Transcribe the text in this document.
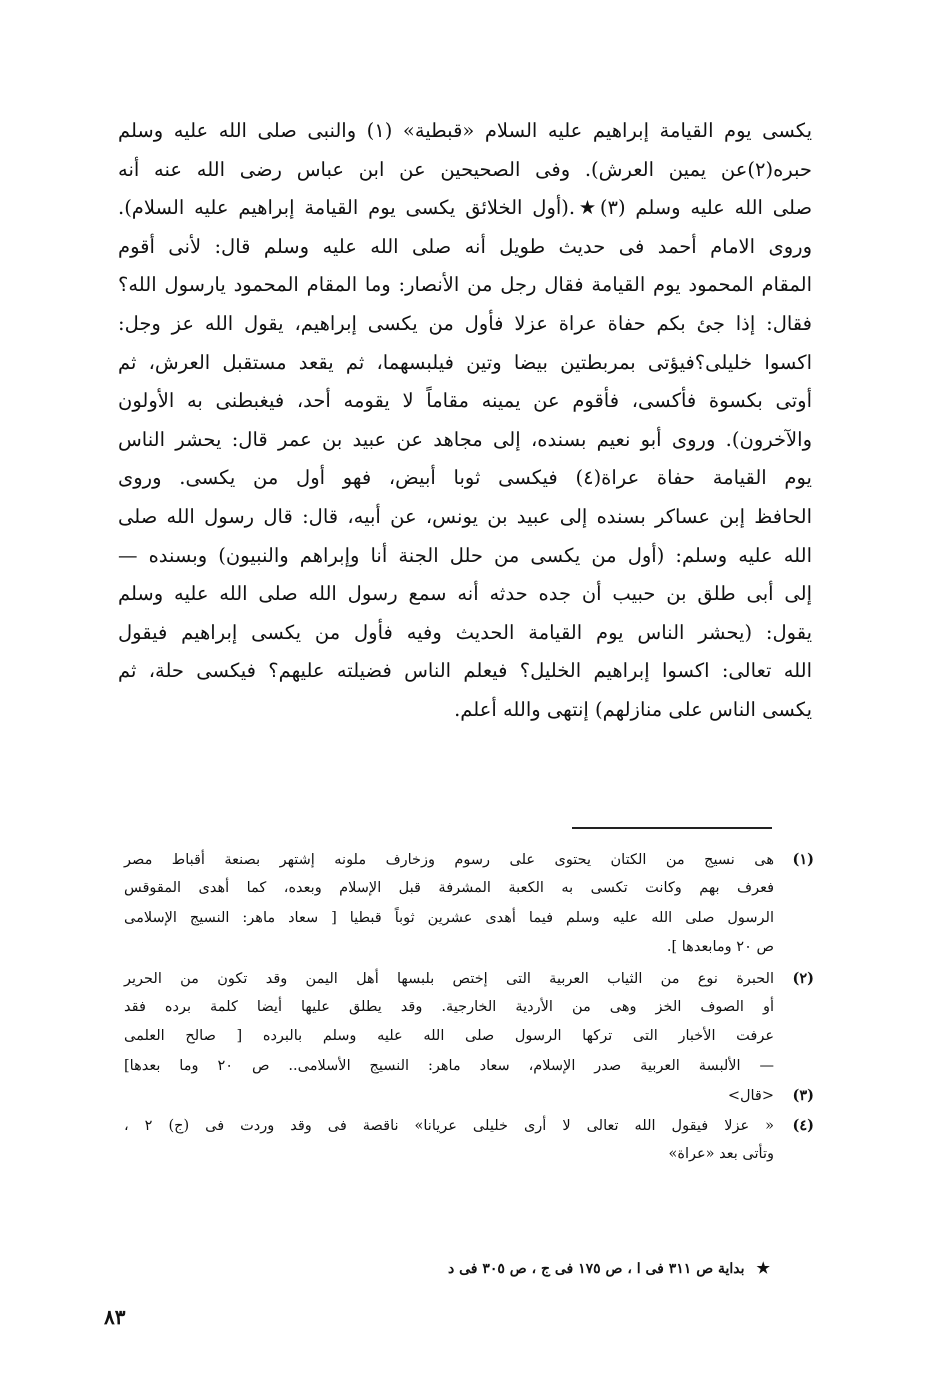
يكسى يوم القيامة إبراهيم عليه السلام «قبطية» (١) والنبى صلى الله عليه وسلم
حبره(٢)عن يمين العرش). وفى الصحيحين عن ابن عباس رضى الله عنه أنه
صلى الله عليه وسلم (٣)★.(أول الخلائق يكسى يوم القيامة إبراهيم عليه السلام).
وروى الامام أحمد فى حديث طويل أنه صلى الله عليه وسلم قال: لأنى أقوم
المقام المحمود يوم القيامة فقال رجل من الأنصار: وما المقام المحمود يارسول الله؟
فقال: إذا جئ بكم حفاة عراة عزلا فأول من يكسى إبراهيم، يقول الله عز وجل:
اكسوا خليلى؟فيؤتى بمربطتين بيضا وتين فيلبسهما، ثم يقعد مستقبل العرش، ثم
أوتى بكسوة فأكسى، فأقوم عن يمينه مقاماً لا يقومه أحد، فيغبطنى به الأولون
والآخرون). وروى أبو نعيم بسنده، إلى مجاهد عن عبيد بن عمر قال: يحشر الناس
يوم القيامة حفاة عراة(٤) فيكسى ثوبا أبيض، فهو أول من يكسى. وروى
الحافظ إبن عساكر بسنده إلى عبيد بن يونس، عن أبيه، قال: قال رسول الله صلى
الله عليه وسلم: (أول من يكسى من حلل الجنة أنا وإبراهم والنبيون) وبسنده —
إلى أبى طلق بن حبيب أن جده حدثه أنه سمع رسول الله صلى الله عليه وسلم
يقول: (يحشر الناس يوم القيامة الحديث وفيه فأول من يكسى إبراهيم فيقول
الله تعالى: اكسوا إبراهيم الخليل؟ فيعلم الناس فضيلته عليهم؟ فيكسى حلة، ثم
يكسى الناس على منازلهم) إنتهى والله أعلم.
(١)هى نسيج من الكتان يحتوى على رسوم وزخارف ملونه إشتهر بصنعة أقباط مصر
فعرف بهم وكانت تكسى به الكعبة المشرفة قبل الإسلام وبعده، كما أهدى المقوقس
الرسول صلى الله عليه وسلم فيما أهدى عشرين ثوباً قبطيا [ سعاد ماهر: النسيج الإسلامى
ص ٢٠ ومابعدها ].
(٢)الحبرة نوع من الثياب العربية التى إختص بلبسها أهل اليمن وقد تكون من الحرير
أو الصوف الخز وهى من الأردية الخارجية. وقد يطلق عليها أيضا كلمة برده فقد
عرفت الأخبار التى تركها الرسول صلى الله عليه وسلم بالبرده [ صالح العلمى
— الألبسة العربية صدر الإسلام، سعاد ماهر: النسيج الأسلامى.. ص ٢٠ وما بعدها]
(٣)<قال>
(٤)« عزلا فيقول الله تعالى لا أرى خليلى عريانا» ناقصة فى وقد وردت فى (ج) ٢ ،
وتأتى بعد «عراة»
★بداية ص ٣١١ فى ا ، ص ١٧٥ فى ج ، ص ٣٠٥ فى د
٨٣
